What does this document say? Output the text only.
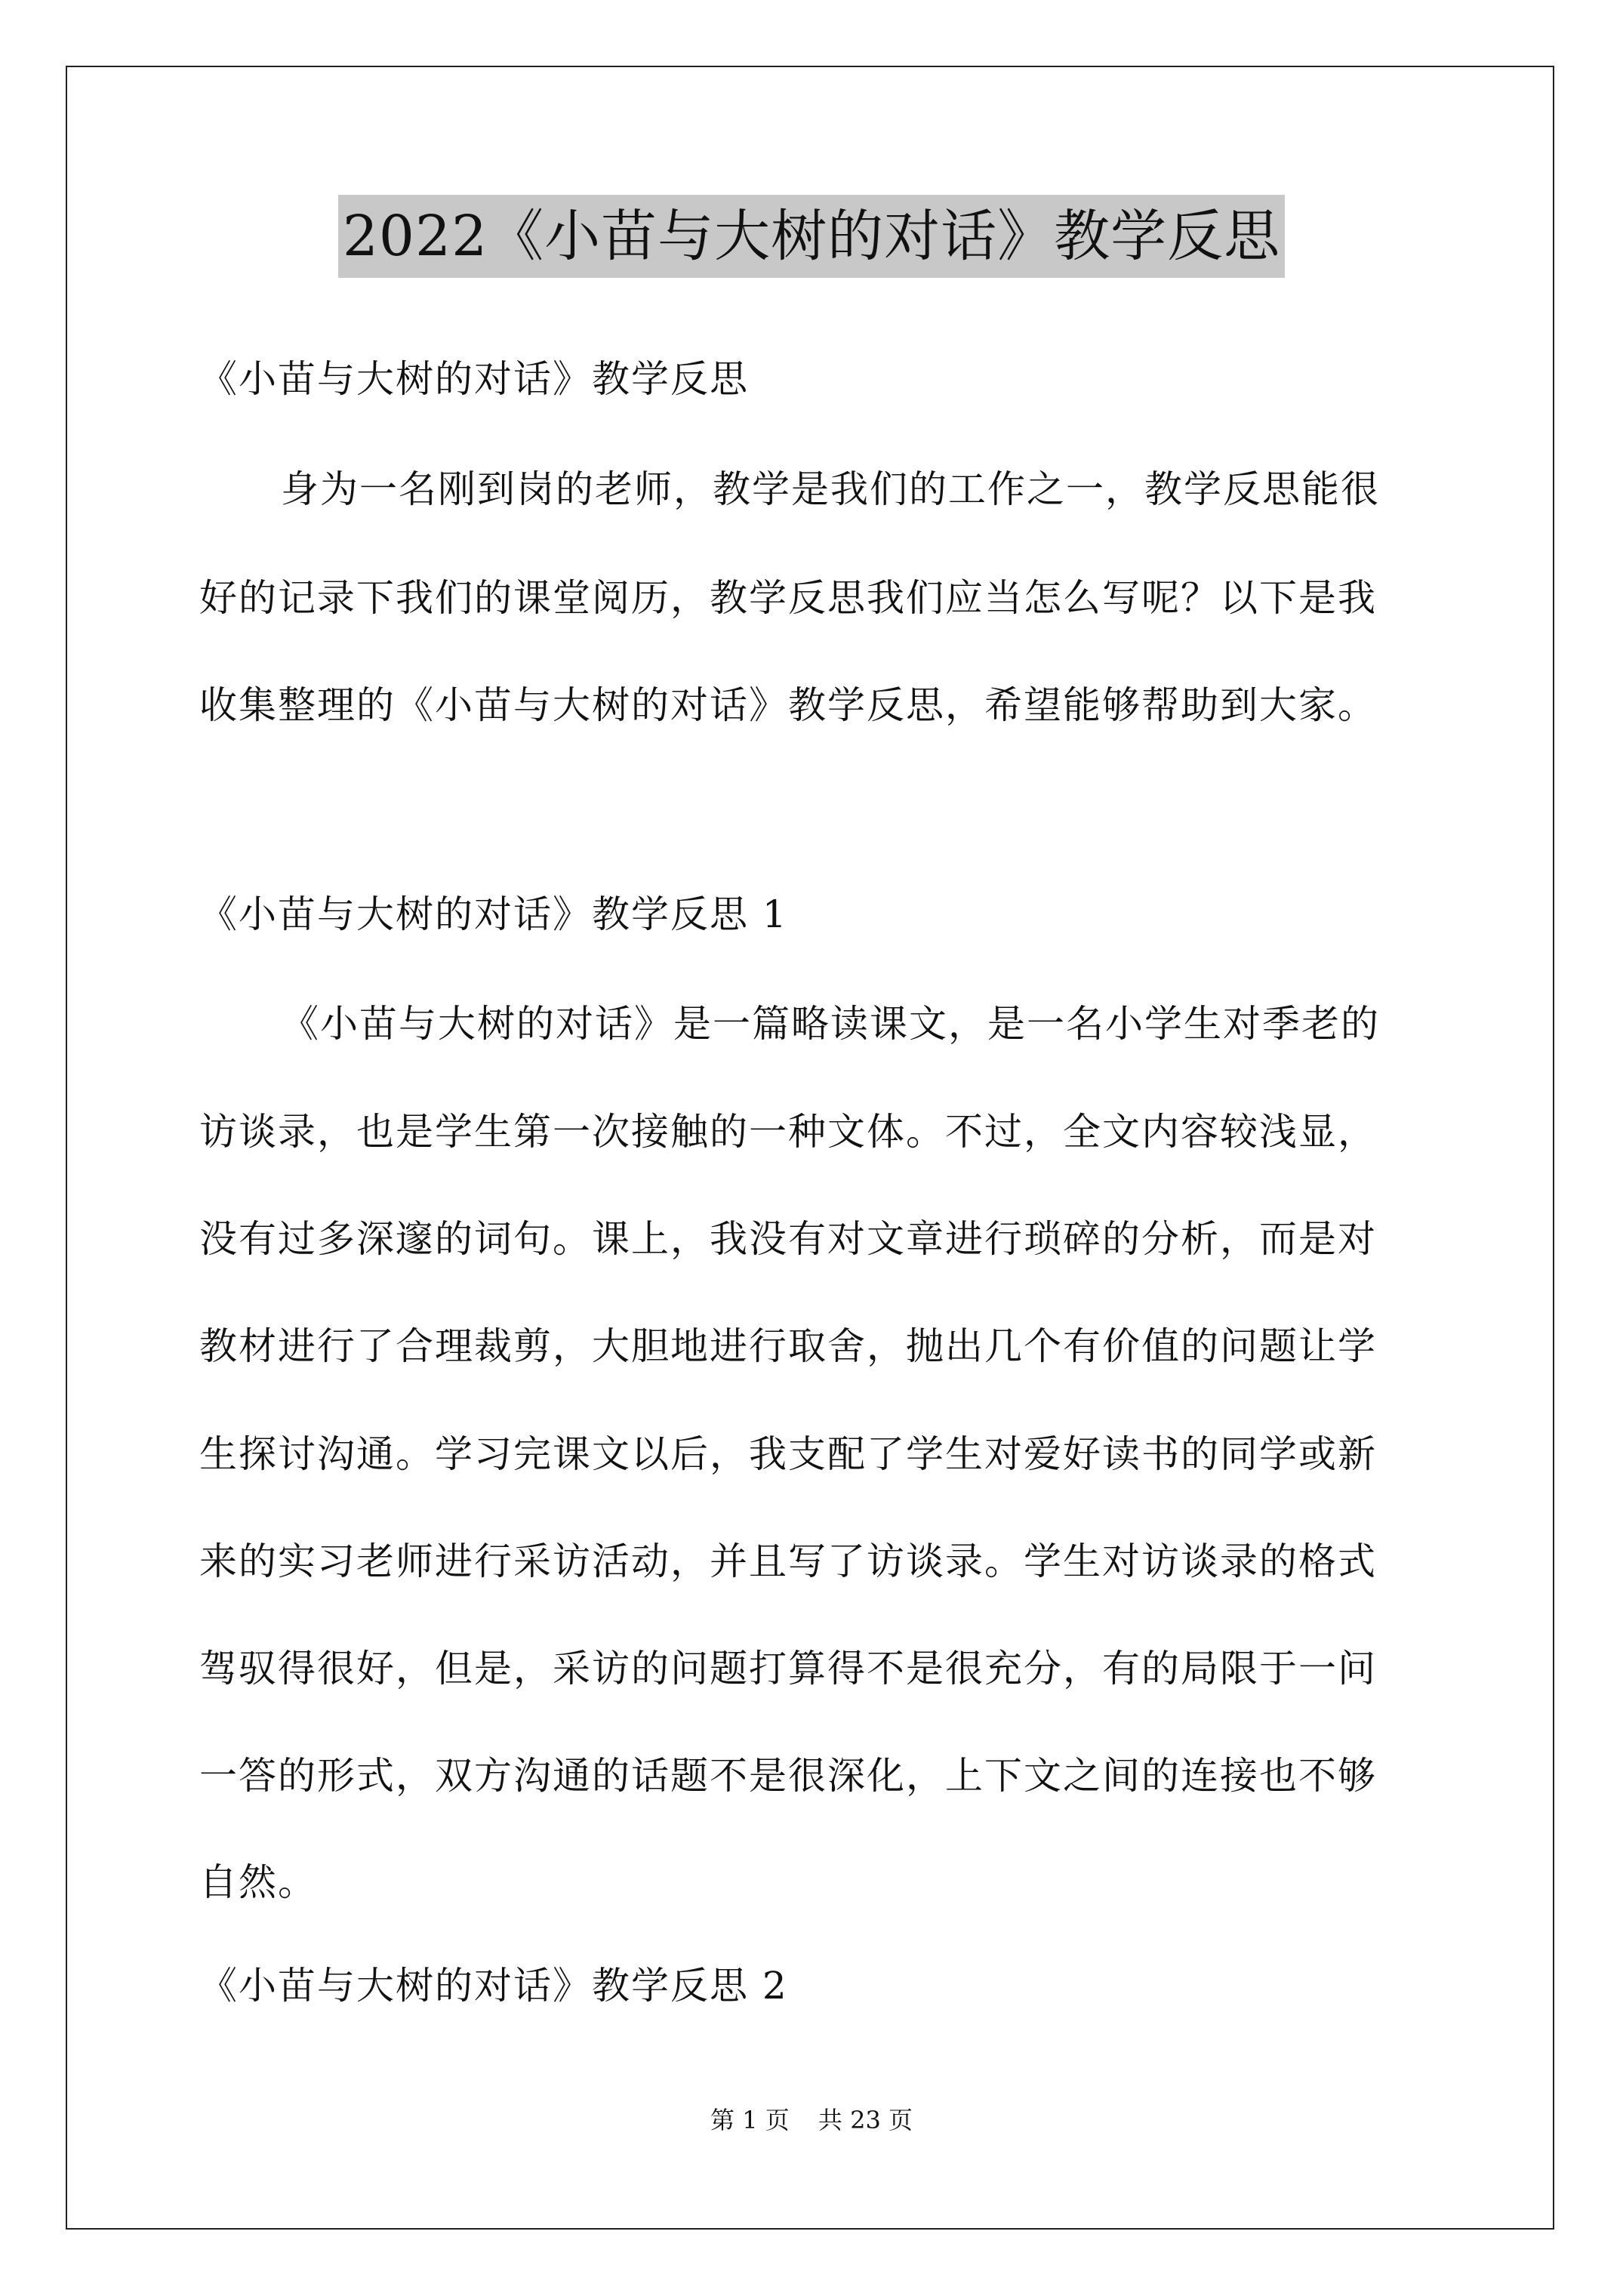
2022《小苗与大树的对话》教学反思
《小苗与大树的对话》教学反思
身为一名刚到岗的老师，教学是我们的工作之一，教学反思能很
好的记录下我们的课堂阅历，教学反思我们应当怎么写呢？以下是我
收集整理的《小苗与大树的对话》教学反思，希望能够帮助到大家。
《小苗与大树的对话》教学反思 1
《小苗与大树的对话》是一篇略读课文，是一名小学生对季老的
访谈录，也是学生第一次接触的一种文体。不过，全文内容较浅显，
没有过多深邃的词句。课上，我没有对文章进行琐碎的分析，而是对
教材进行了合理裁剪，大胆地进行取舍，抛出几个有价值的问题让学
生探讨沟通。学习完课文以后，我支配了学生对爱好读书的同学或新
来的实习老师进行采访活动，并且写了访谈录。学生对访谈录的格式
驾驭得很好，但是，采访的问题打算得不是很充分，有的局限于一问
一答的形式，双方沟通的话题不是很深化，上下文之间的连接也不够
自然。
《小苗与大树的对话》教学反思 2
第 1 页 共 23 页
